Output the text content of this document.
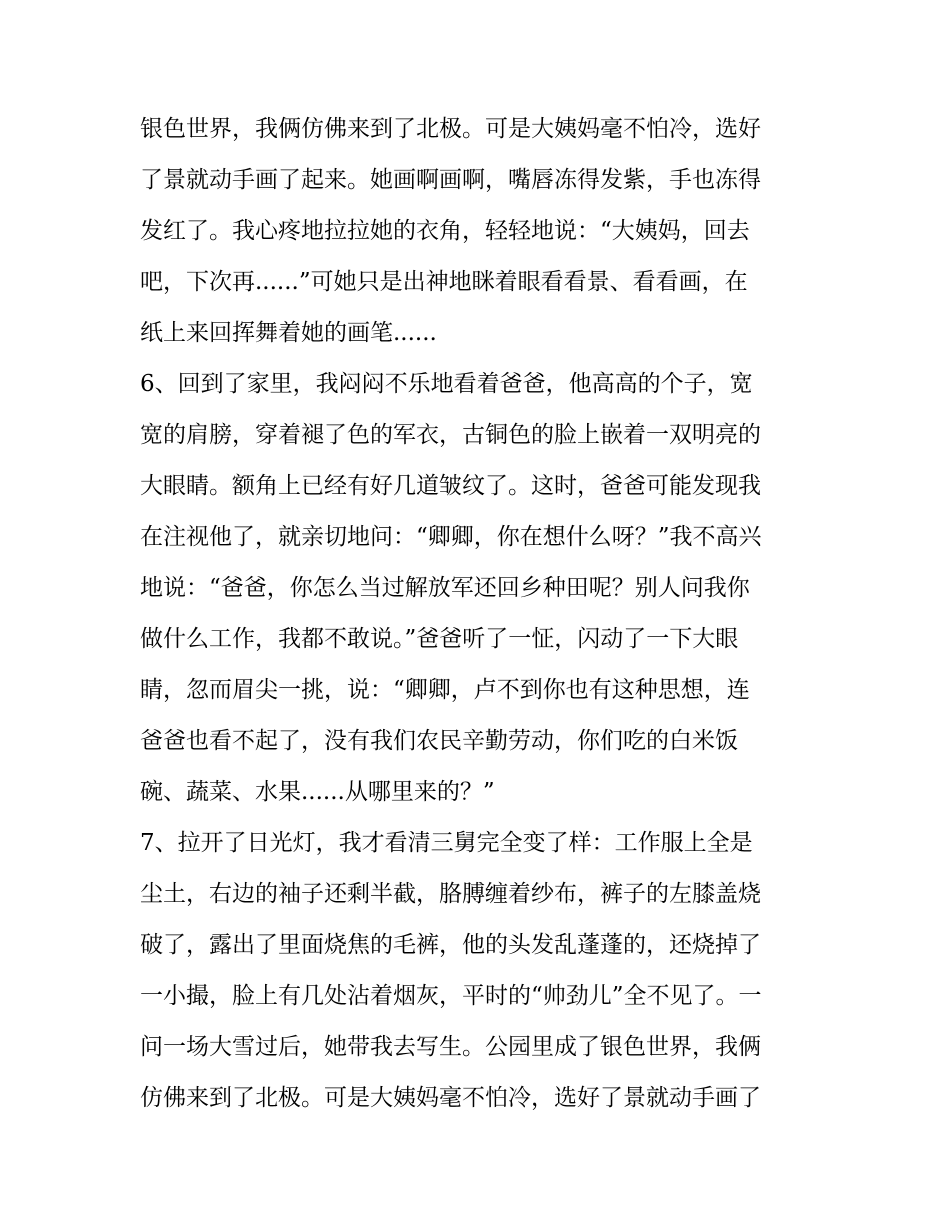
银色世界，我俩仿佛来到了北极。可是大姨妈毫不怕冷，选好
了景就动手画了起来。她画啊画啊，嘴唇冻得发紫，手也冻得
发红了。我心疼地拉拉她的衣角，轻轻地说：“大姨妈，回去
吧，下次再......”可她只是出神地眯着眼看看景、看看画，在
纸上来回挥舞着她的画笔......
6、回到了家里，我闷闷不乐地看着爸爸，他高高的个子，宽
宽的肩膀，穿着褪了色的军衣，古铜色的脸上嵌着一双明亮的
大眼睛。额角上已经有好几道皱纹了。这时，爸爸可能发现我
在注视他了，就亲切地问：“卿卿，你在想什么呀？”我不高兴
地说：“爸爸，你怎么当过解放军还回乡种田呢？别人问我你
做什么工作，我都不敢说。”爸爸听了一怔，闪动了一下大眼
睛，忽而眉尖一挑，说：“卿卿，卢不到你也有这种思想，连
爸爸也看不起了，没有我们农民辛勤劳动，你们吃的白米饭
碗、蔬菜、水果......从哪里来的？”
7、拉开了日光灯，我才看清三舅完全变了样：工作服上全是
尘土，右边的袖子还剩半截，胳膊缠着纱布，裤子的左膝盖烧
破了，露出了里面烧焦的毛裤，他的头发乱蓬蓬的，还烧掉了
一小撮，脸上有几处沾着烟灰，平时的“帅劲儿”全不见了。一
问一场大雪过后，她带我去写生。公园里成了银色世界，我俩
仿佛来到了北极。可是大姨妈毫不怕冷，选好了景就动手画了
